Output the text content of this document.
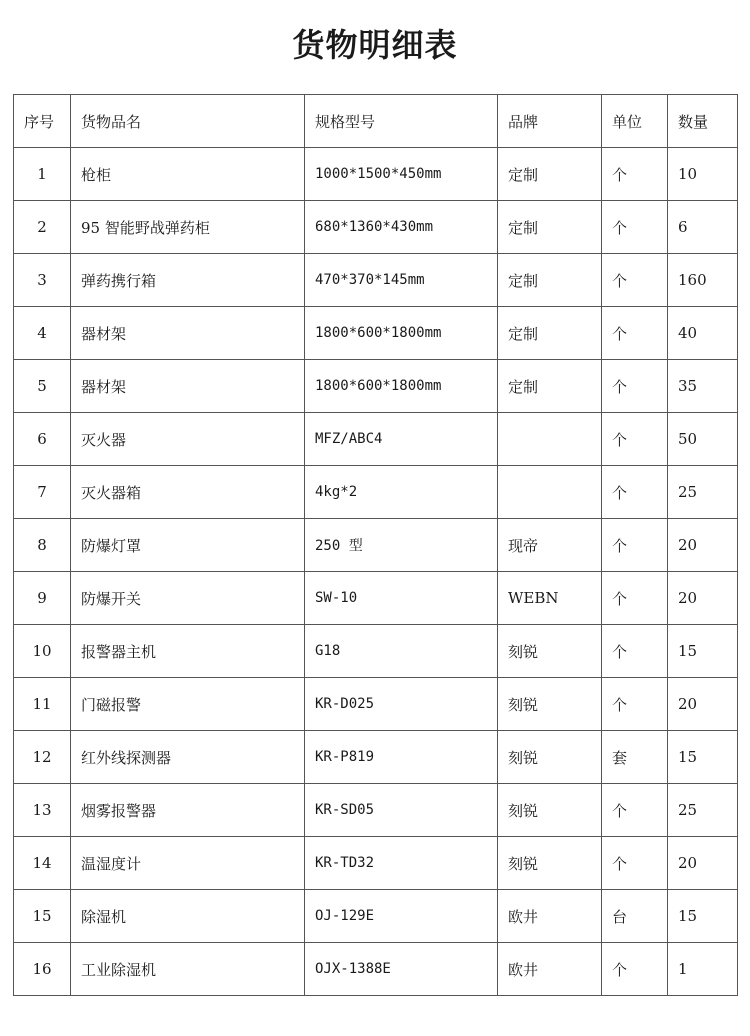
货物明细表
序号	货物品名	规格型号	品牌	单位	数量
1	枪柜	1000*1500*450mm	定制	个	10
2	95 智能野战弹药柜	680*1360*430mm	定制	个	6
3	弹药携行箱	470*370*145mm	定制	个	160
4	器材架	1800*600*1800mm	定制	个	40
5	器材架	1800*600*1800mm	定制	个	35
6	灭火器	MFZ/ABC4		个	50
7	灭火器箱	4kg*2		个	25
8	防爆灯罩	250 型	现帝	个	20
9	防爆开关	SW-10	WEBN	个	20
10	报警器主机	G18	刻锐	个	15
11	门磁报警	KR-D025	刻锐	个	20
12	红外线探测器	KR-P819	刻锐	套	15
13	烟雾报警器	KR-SD05	刻锐	个	25
14	温湿度计	KR-TD32	刻锐	个	20
15	除湿机	OJ-129E	欧井	台	15
16	工业除湿机	OJX-1388E	欧井	个	1
